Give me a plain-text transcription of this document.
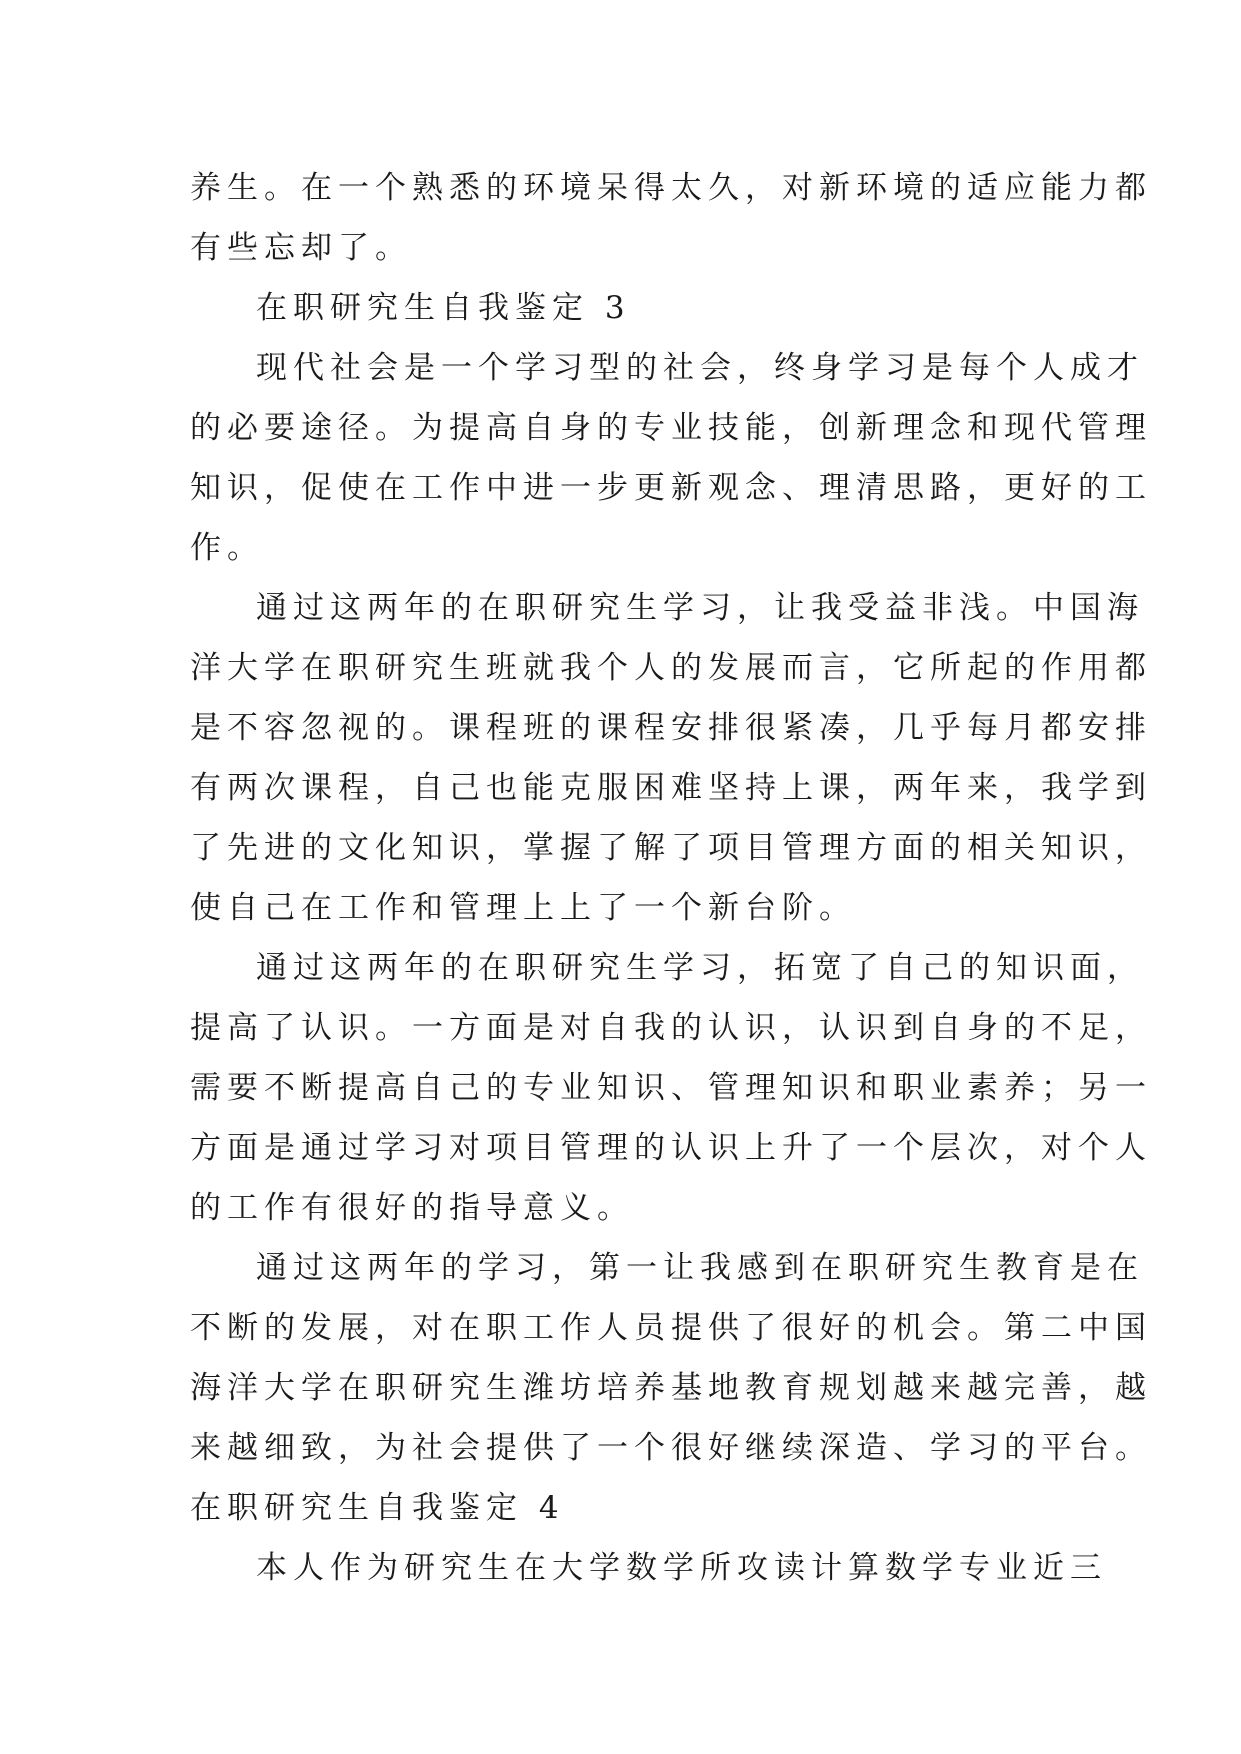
养生。在一个熟悉的环境呆得太久，对新环境的适应能力都
有些忘却了。
在职研究生自我鉴定 3
现代社会是一个学习型的社会，终身学习是每个人成才
的必要途径。为提高自身的专业技能，创新理念和现代管理
知识，促使在工作中进一步更新观念、理清思路，更好的工
作。
通过这两年的在职研究生学习，让我受益非浅。中国海
洋大学在职研究生班就我个人的发展而言，它所起的作用都
是不容忽视的。课程班的课程安排很紧凑，几乎每月都安排
有两次课程，自己也能克服困难坚持上课，两年来，我学到
了先进的文化知识，掌握了解了项目管理方面的相关知识，
使自己在工作和管理上上了一个新台阶。
通过这两年的在职研究生学习，拓宽了自己的知识面，
提高了认识。一方面是对自我的认识，认识到自身的不足，
需要不断提高自己的专业知识、管理知识和职业素养；另一
方面是通过学习对项目管理的认识上升了一个层次，对个人
的工作有很好的指导意义。
通过这两年的学习，第一让我感到在职研究生教育是在
不断的发展，对在职工作人员提供了很好的机会。第二中国
海洋大学在职研究生潍坊培养基地教育规划越来越完善，越
来越细致，为社会提供了一个很好继续深造、学习的平台。
在职研究生自我鉴定 4
本人作为研究生在大学数学所攻读计算数学专业近三
